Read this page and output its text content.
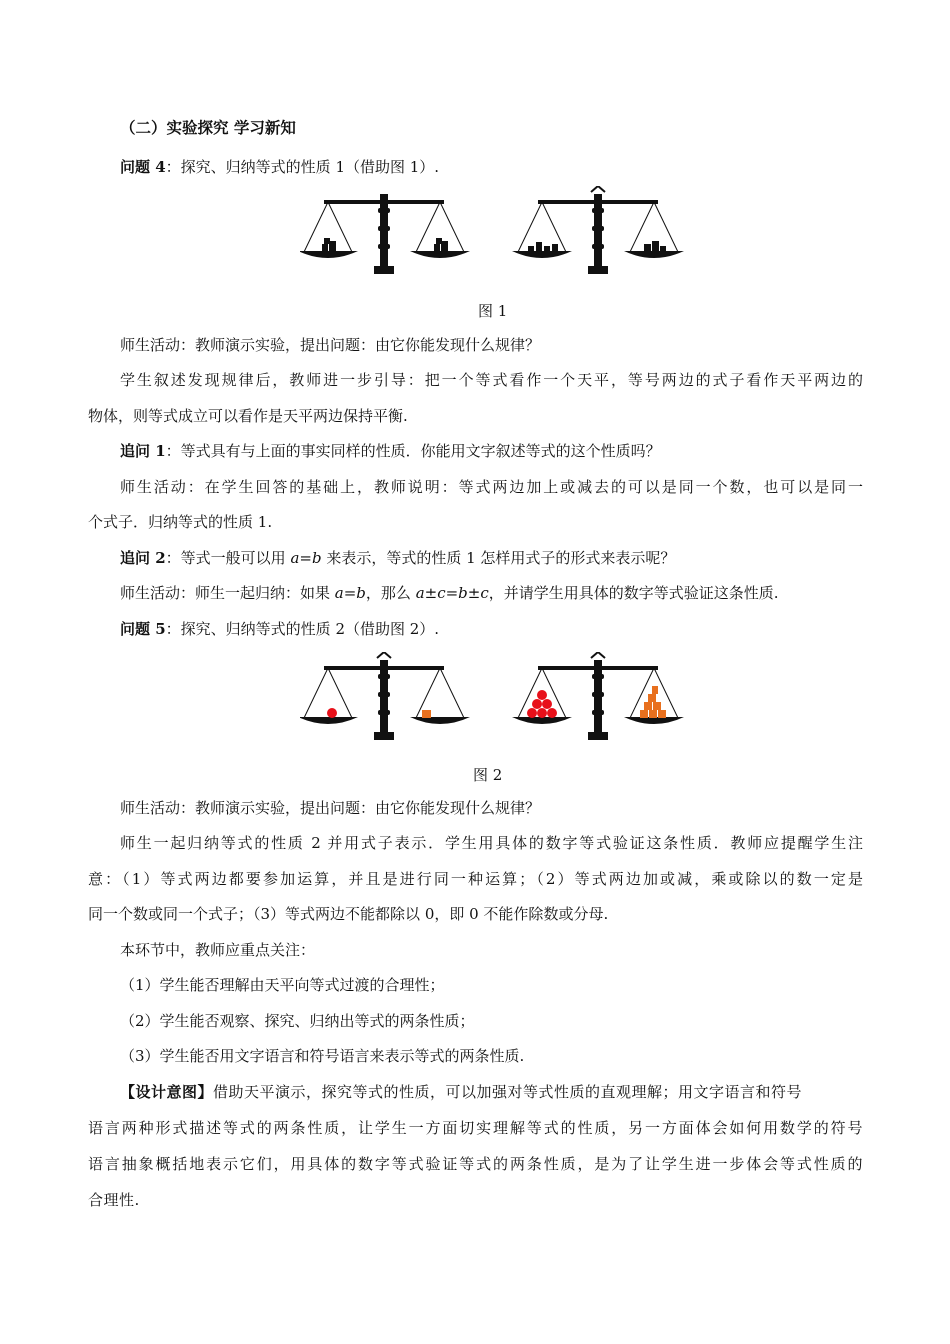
（二）实验探究 学习新知
问题 4：探究、归纳等式的性质 1（借助图 1）.
图 1
师生活动：教师演示实验，提出问题：由它你能发现什么规律？
学生叙述发现规律后，教师进一步引导：把一个等式看作一个天平，等号两边的式子看作天平两边的
物体，则等式成立可以看作是天平两边保持平衡.
追问 1：等式具有与上面的事实同样的性质．你能用文字叙述等式的这个性质吗？
师生活动：在学生回答的基础上，教师说明：等式两边加上或减去的可以是同一个数，也可以是同一
个式子．归纳等式的性质 1.
追问 2：等式一般可以用 a=b 来表示，等式的性质 1 怎样用式子的形式来表示呢？
师生活动：师生一起归纳：如果 a=b，那么 a±c=b±c，并请学生用具体的数字等式验证这条性质.
问题 5：探究、归纳等式的性质 2（借助图 2）.
图 2
师生活动：教师演示实验，提出问题：由它你能发现什么规律？
师生一起归纳等式的性质 2 并用式子表示．学生用具体的数字等式验证这条性质．教师应提醒学生注
意：（1）等式两边都要参加运算，并且是进行同一种运算；（2）等式两边加或减，乘或除以的数一定是
同一个数或同一个式子；（3）等式两边不能都除以 0，即 0 不能作除数或分母.
本环节中，教师应重点关注：
（1）学生能否理解由天平向等式过渡的合理性；
（2）学生能否观察、探究、归纳出等式的两条性质；
（3）学生能否用文字语言和符号语言来表示等式的两条性质.
【设计意图】借助天平演示，探究等式的性质，可以加强对等式性质的直观理解；用文字语言和符号
语言两种形式描述等式的两条性质，让学生一方面切实理解等式的性质，另一方面体会如何用数学的符号
语言抽象概括地表示它们，用具体的数字等式验证等式的两条性质，是为了让学生进一步体会等式性质的
合理性.
